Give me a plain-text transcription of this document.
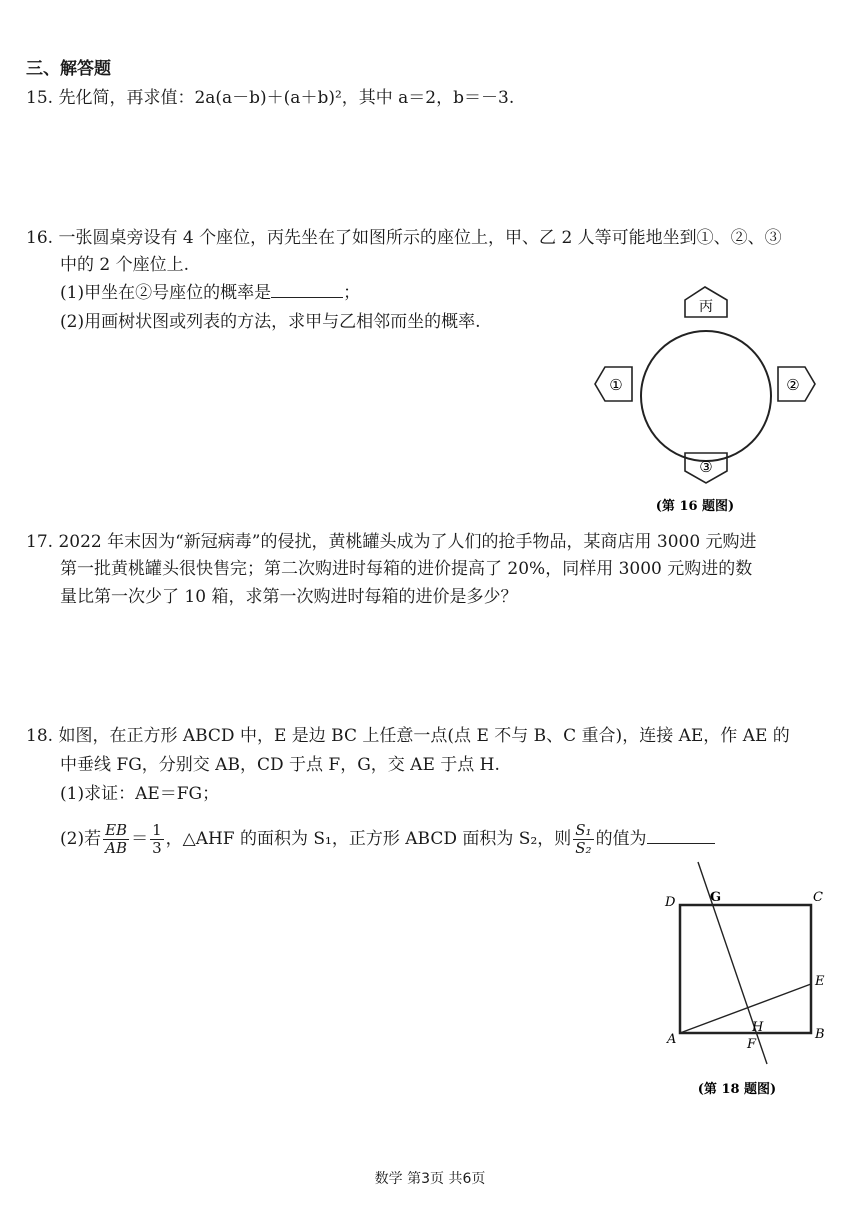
三、解答题
15. 先化简，再求值：2a(a－b)＋(a＋b)²，其中 a＝2，b＝－3.
16. 一张圆桌旁设有 4 个座位，丙先坐在了如图所示的座位上，甲、乙 2 人等可能地坐到①、②、③
中的 2 个座位上.
(1)甲坐在②号座位的概率是	；
(2)用画树状图或列表的方法，求甲与乙相邻而坐的概率.
丙
①	②
③
(第 16 题图)
17. 2022 年末因为“新冠病毒”的侵扰，黄桃罐头成为了人们的抢手物品，某商店用 3000 元购进
第一批黄桃罐头很快售完；第二次购进时每箱的进价提高了 20%，同样用 3000 元购进的数
量比第一次少了 10 箱，求第一次购进时每箱的进价是多少？
18. 如图，在正方形 ABCD 中，E 是边 BC 上任意一点(点 E 不与 B、C 重合)，连接 AE，作 AE 的
中垂线 FG，分别交 AB，CD 于点 F，G，交 AE 于点 H.
(1)求证：AE＝FG；
(2)若 $\frac{EB}{AB} = \frac{1}{3}$ ，△AHF 的面积为 S₁，正方形 ABCD 面积为 S₂，则 $\frac{\text{S₁}}{\text{S₂}}$ 的值为
D	G	C
E
H
A	B
F
(第 18 题图)
数学 第3页 共6页
